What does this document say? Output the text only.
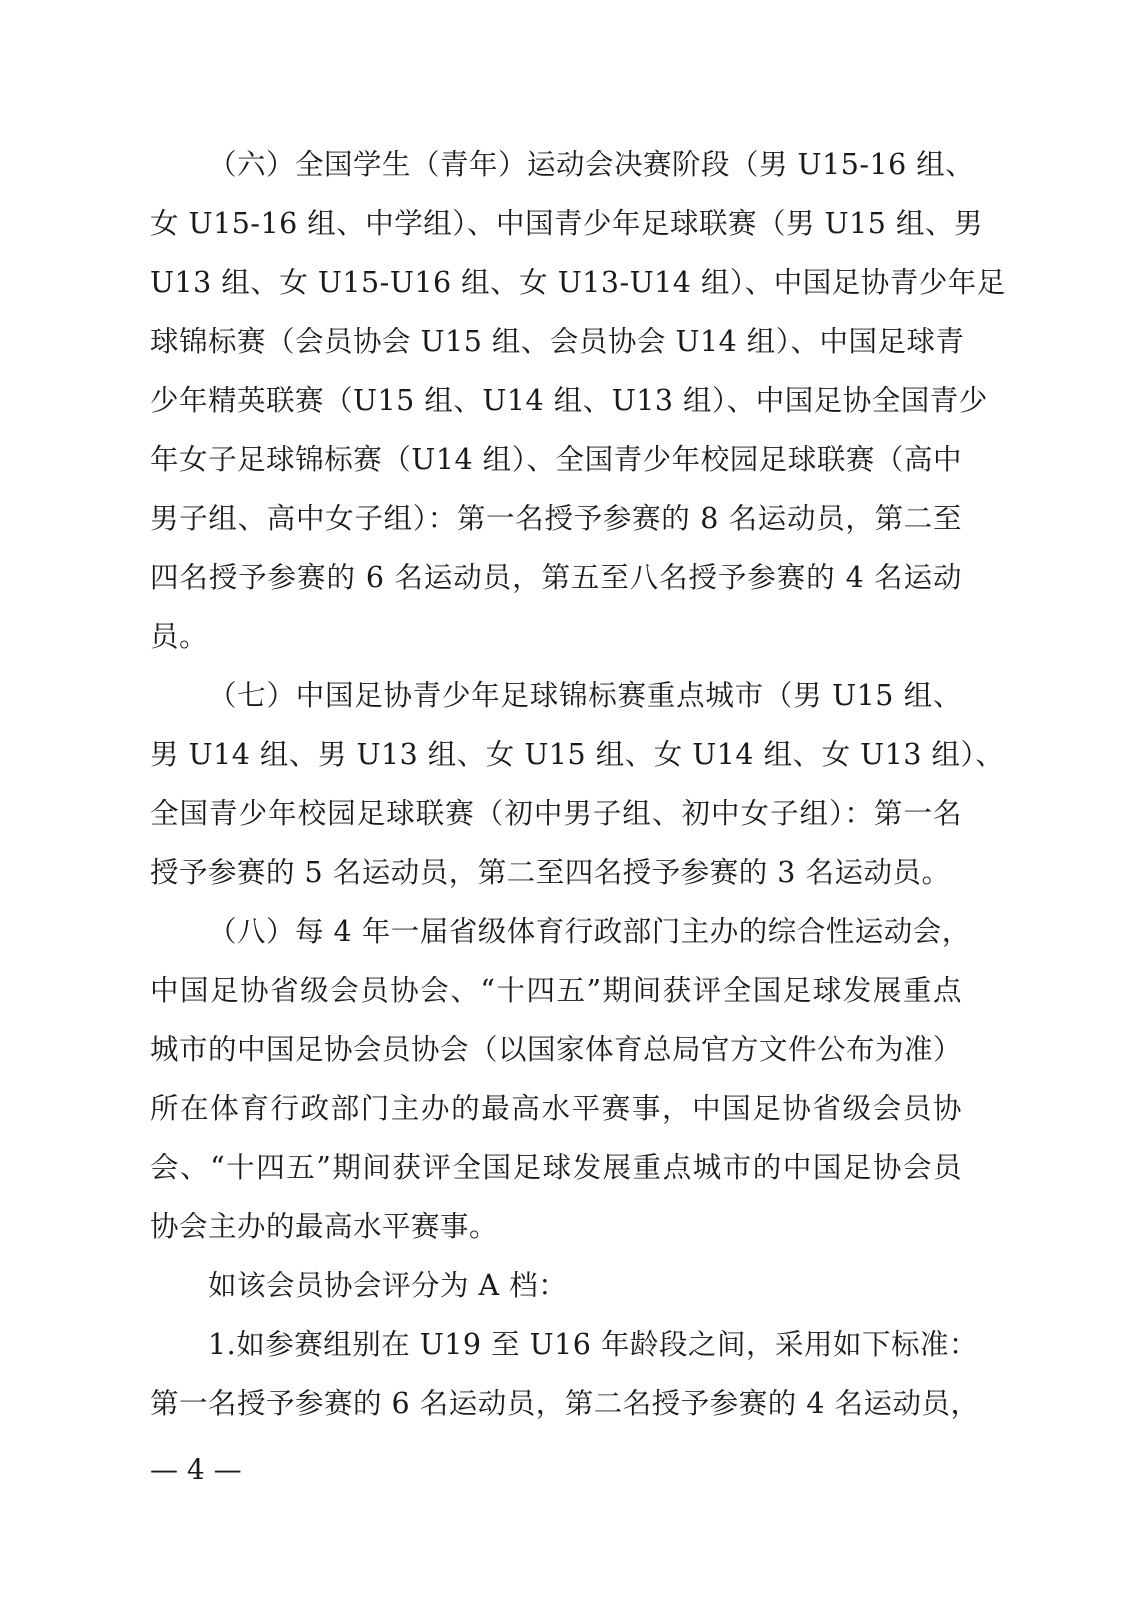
（六）全国学生（青年）运动会决赛阶段（男 U15-16 组、
女 U15-16 组、中学组）、中国青少年足球联赛（男 U15 组、男
U13 组、女 U15-U16 组、女 U13-U14 组）、中国足协青少年足
球锦标赛（会员协会 U15 组、会员协会 U14 组）、中国足球青
少年精英联赛（U15 组、U14 组、U13 组）、中国足协全国青少
年女子足球锦标赛（U14 组）、全国青少年校园足球联赛（高中
男子组、高中女子组）：第一名授予参赛的 8 名运动员，第二至
四名授予参赛的 6 名运动员，第五至八名授予参赛的 4 名运动
员。
（七）中国足协青少年足球锦标赛重点城市（男 U15 组、
男 U14 组、男 U13 组、女 U15 组、女 U14 组、女 U13 组）、
全国青少年校园足球联赛（初中男子组、初中女子组）：第一名
授予参赛的 5 名运动员，第二至四名授予参赛的 3 名运动员。
（八）每 4 年一届省级体育行政部门主办的综合性运动会，
中国足协省级会员协会、“十四五”期间获评全国足球发展重点
城市的中国足协会员协会（以国家体育总局官方文件公布为准）
所在体育行政部门主办的最高水平赛事，中国足协省级会员协
会、“十四五”期间获评全国足球发展重点城市的中国足协会员
协会主办的最高水平赛事。
如该会员协会评分为 A 档：
1.如参赛组别在 U19 至 U16 年龄段之间，采用如下标准：
第一名授予参赛的 6 名运动员，第二名授予参赛的 4 名运动员，
— 4 —
